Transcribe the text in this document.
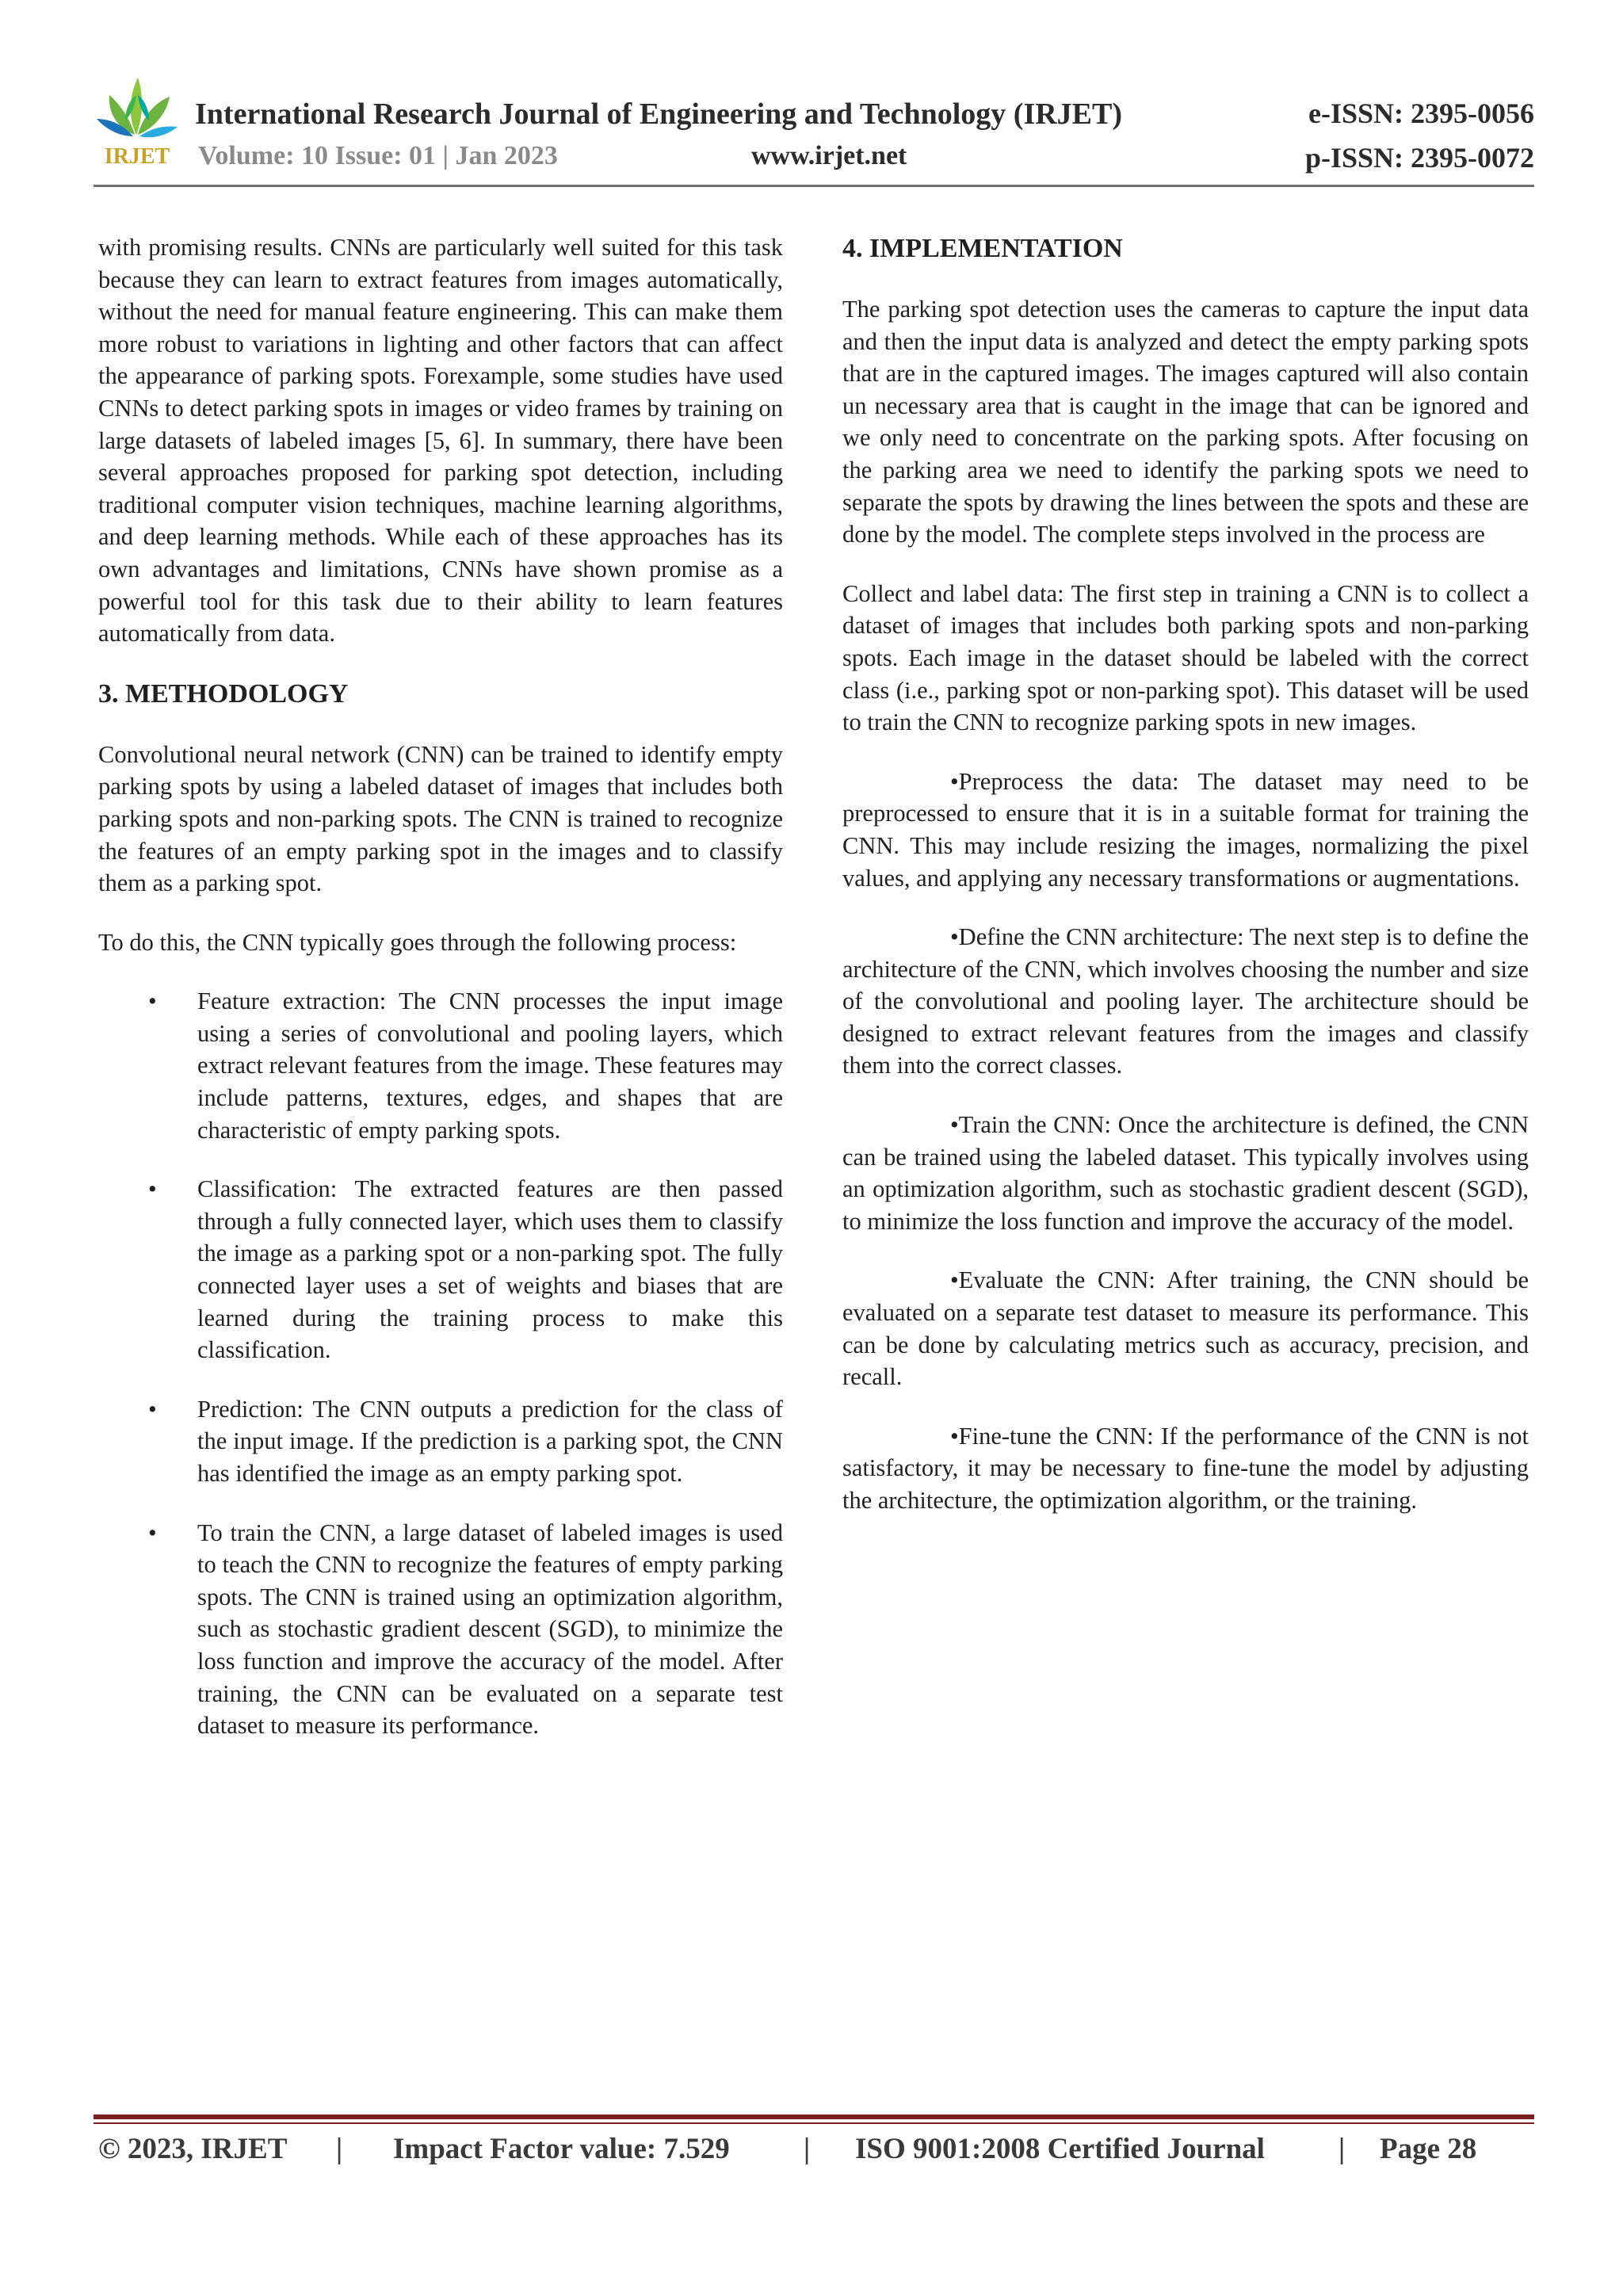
IRJET
International Research Journal of Engineering and Technology (IRJET)	e-ISSN: 2395-0056
Volume: 10 Issue: 01 | Jan 2023	www.irjet.net	p-ISSN: 2395-0072

with promising results. CNNs are particularly well suited for this task because they can learn to extract features from images automatically, without the need for manual feature engineering. This can make them more robust to variations in lighting and other factors that can affect the appearance of parking spots. Forexample, some studies have used CNNs to detect parking spots in images or video frames by training on large datasets of labeled images [5, 6]. In summary, there have been several approaches proposed for parking spot detection, including traditional computer vision techniques, machine learning algorithms, and deep learning methods. While each of these approaches has its own advantages and limitations, CNNs have shown promise as a powerful tool for this task due to their ability to learn features automatically from data.

3. METHODOLOGY

Convolutional neural network (CNN) can be trained to identify empty parking spots by using a labeled dataset of images that includes both parking spots and non-parking spots. The CNN is trained to recognize the features of an empty parking spot in the images and to classify them as a parking spot.

To do this, the CNN typically goes through the following process:

• Feature extraction: The CNN processes the input image using a series of convolutional and pooling layers, which extract relevant features from the image. These features may include patterns, textures, edges, and shapes that are characteristic of empty parking spots.
• Classification: The extracted features are then passed through a fully connected layer, which uses them to classify the image as a parking spot or a non-parking spot. The fully connected layer uses a set of weights and biases that are learned during the training process to make this classification.
• Prediction: The CNN outputs a prediction for the class of the input image. If the prediction is a parking spot, the CNN has identified the image as an empty parking spot.
• To train the CNN, a large dataset of labeled images is used to teach the CNN to recognize the features of empty parking spots. The CNN is trained using an optimization algorithm, such as stochastic gradient descent (SGD), to minimize the loss function and improve the accuracy of the model. After training, the CNN can be evaluated on a separate test dataset to measure its performance.
4. IMPLEMENTATION

The parking spot detection uses the cameras to capture the input data and then the input data is analyzed and detect the empty parking spots that are in the captured images. The images captured will also contain un necessary area that is caught in the image that can be ignored and we only need to concentrate on the parking spots. After focusing on the parking area we need to identify the parking spots we need to separate the spots by drawing the lines between the spots and these are done by the model. The complete steps involved in the process are

Collect and label data: The first step in training a CNN is to collect a dataset of images that includes both parking spots and non-parking spots. Each image in the dataset should be labeled with the correct class (i.e., parking spot or non-parking spot). This dataset will be used to train the CNN to recognize parking spots in new images.

•Preprocess the data: The dataset may need to be preprocessed to ensure that it is in a suitable format for training the CNN. This may include resizing the images, normalizing the pixel values, and applying any necessary transformations or augmentations.

•Define the CNN architecture: The next step is to define the architecture of the CNN, which involves choosing the number and size of the convolutional and pooling layer. The architecture should be designed to extract relevant features from the images and classify them into the correct classes.

•Train the CNN: Once the architecture is defined, the CNN can be trained using the labeled dataset. This typically involves using an optimization algorithm, such as stochastic gradient descent (SGD), to minimize the loss function and improve the accuracy of the model.

•Evaluate the CNN: After training, the CNN should be evaluated on a separate test dataset to measure its performance. This can be done by calculating metrics such as accuracy, precision, and recall.

•Fine-tune the CNN: If the performance of the CNN is not satisfactory, it may be necessary to fine-tune the model by adjusting the architecture, the optimization algorithm, or the training.

© 2023, IRJET | Impact Factor value: 7.529	| ISO 9001:2008 Certified Journal	| Page 28
